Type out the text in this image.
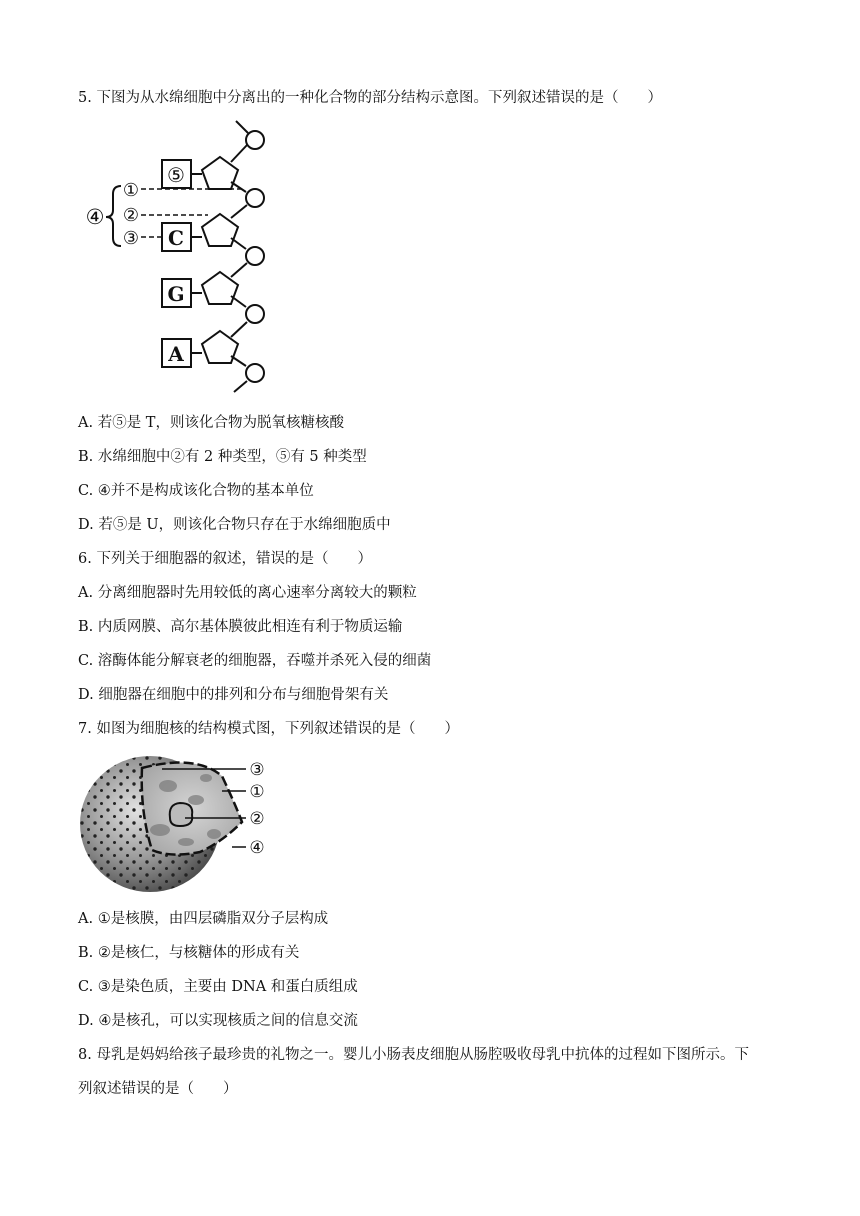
5. 下图为从水绵细胞中分离出的一种化合物的部分结构示意图。下列叙述错误的是（　　）
⑤
C
G
A
④
①
②
③
A. 若⑤是 T，则该化合物为脱氧核糖核酸
B. 水绵细胞中②有 2 种类型，⑤有 5 种类型
C. ④并不是构成该化合物的基本单位
D. 若⑤是 U，则该化合物只存在于水绵细胞质中
6. 下列关于细胞器的叙述，错误的是（　　）
A. 分离细胞器时先用较低的离心速率分离较大的颗粒
B. 内质网膜、高尔基体膜彼此相连有利于物质运输
C. 溶酶体能分解衰老的细胞器，吞噬并杀死入侵的细菌
D. 细胞器在细胞中的排列和分布与细胞骨架有关
7. 如图为细胞核的结构模式图，下列叙述错误的是（　　）
③
①
②
④
A. ①是核膜，由四层磷脂双分子层构成
B. ②是核仁，与核糖体的形成有关
C. ③是染色质，主要由 DNA 和蛋白质组成
D. ④是核孔，可以实现核质之间的信息交流
8. 母乳是妈妈给孩子最珍贵的礼物之一。婴儿小肠表皮细胞从肠腔吸收母乳中抗体的过程如下图所示。下
列叙述错误的是（　　）
